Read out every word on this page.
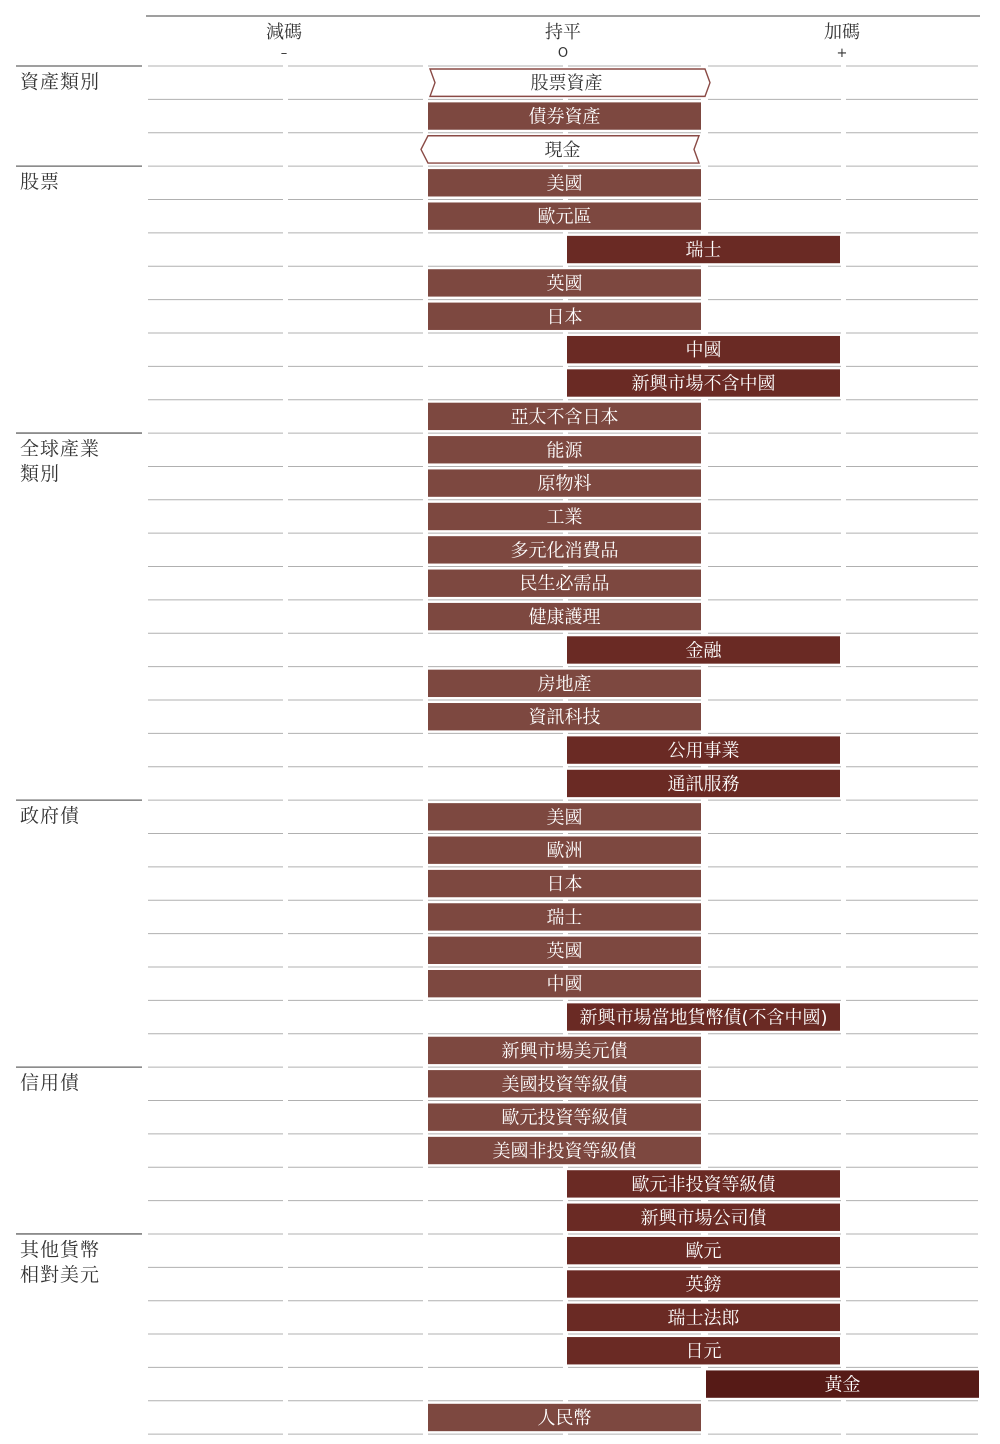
減碼
–
持平
O
加碼
+
資產類別
股票
全球產業
類別
政府債
信用債
其他貨幣
相對美元
股票資產
債券資產
現金
美國
歐元區
瑞士
英國
日本
中國
新興市場不含中國
亞太不含日本
能源
原物料
工業
多元化消費品
民生必需品
健康護理
金融
房地產
資訊科技
公用事業
通訊服務
美國
歐洲
日本
瑞士
英國
中國
新興市場當地貨幣債(不含中國)
新興市場美元債
美國投資等級債
歐元投資等級債
美國非投資等級債
歐元非投資等級債
新興市場公司債
歐元
英鎊
瑞士法郎
日元
黃金
人民幣
